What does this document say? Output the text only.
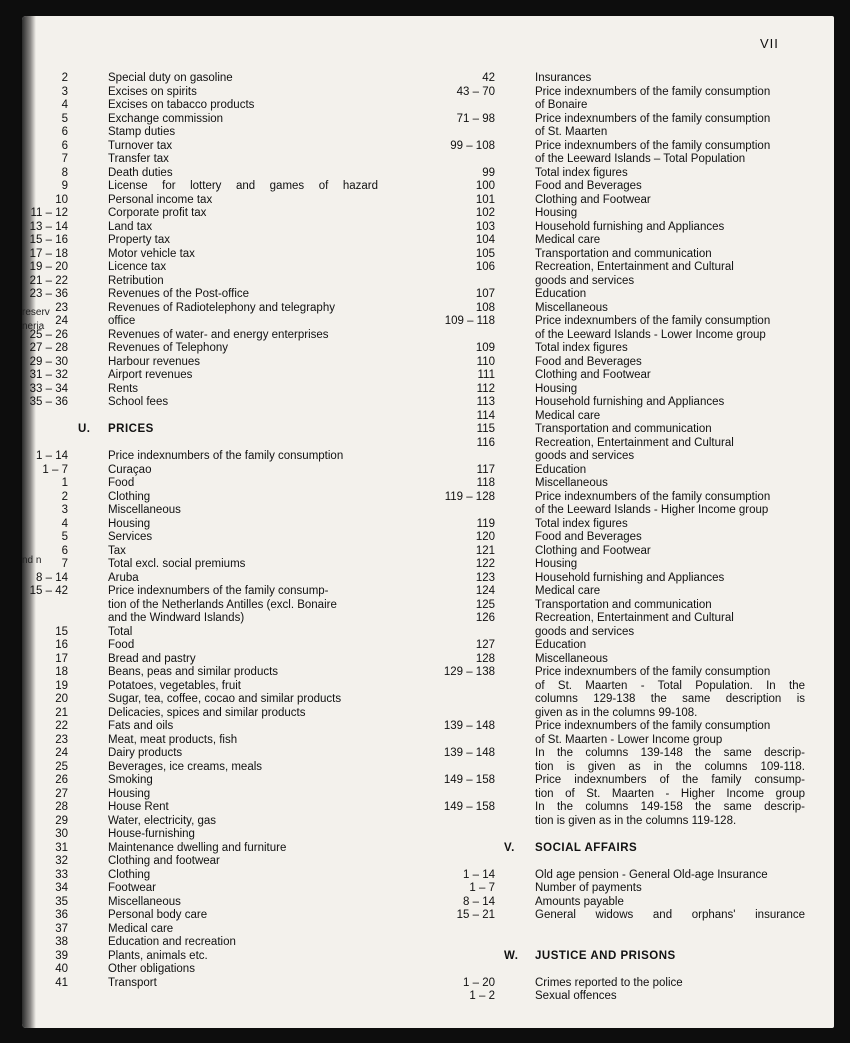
reserv
neria
nd n
VII
2	Special duty on gasoline
3	Excises on spirits
4	Excises on tabacco products
5	Exchange commission
6	Stamp duties
6	Turnover tax
7	Transfer tax
8	Death duties
9	License for lottery and games of hazard
10	Personal income tax
11 – 12	Corporate profit tax
13 – 14	Land tax
15 – 16	Property tax
17 – 18	Motor vehicle tax
19 – 20	Licence tax
21 – 22	Retribution
23 – 36	Revenues of the Post-office
23	Revenues of Radiotelephony and telegraphy
24	office
25 – 26	Revenues of water- and energy enterprises
27 – 28	Revenues of Telephony
29 – 30	Harbour revenues
31 – 32	Airport revenues
33 – 34	Rents
35 – 36	School fees
U. PRICES
1 – 14	Price indexnumbers of the family consumption
1 – 7	Curaçao
1	Food
2	Clothing
3	Miscellaneous
4	Housing
5	Services
6	Tax
7	Total excl. social premiums
8 – 14	Aruba
15 – 42	Price indexnumbers of the family consump-
tion of the Netherlands Antilles (excl. Bonaire
and the Windward Islands)
15	Total
16	Food
17	Bread and pastry
18	Beans, peas and similar products
19	Potatoes, vegetables, fruit
20	Sugar, tea, coffee, cocao and similar products
21	Delicacies, spices and similar products
22	Fats and oils
23	Meat, meat products, fish
24	Dairy products
25	Beverages, ice creams, meals
26	Smoking
27	Housing
28	House Rent
29	Water, electricity, gas
30	House-furnishing
31	Maintenance dwelling and furniture
32	Clothing and footwear
33	Clothing
34	Footwear
35	Miscellaneous
36	Personal body care
37	Medical care
38	Education and recreation
39	Plants, animals etc.
40	Other obligations
41	Transport
42	Insurances
43 – 70	Price indexnumbers of the family consumption
of Bonaire
71 – 98	Price indexnumbers of the family consumption
of St. Maarten
99 – 108	Price indexnumbers of the family consumption
of the Leeward Islands – Total Population
99	Total index figures
100	Food and Beverages
101	Clothing and Footwear
102	Housing
103	Household furnishing and Appliances
104	Medical care
105	Transportation and communication
106	Recreation, Entertainment and Cultural
goods and services
107	Education
108	Miscellaneous
109 – 118	Price indexnumbers of the family consumption
of the Leeward Islands - Lower Income group
109	Total index figures
110	Food and Beverages
111	Clothing and Footwear
112	Housing
113	Household furnishing and Appliances
114	Medical care
115	Transportation and communication
116	Recreation, Entertainment and Cultural
goods and services
117	Education
118	Miscellaneous
119 – 128	Price indexnumbers of the family consumption
of the Leeward Islands - Higher Income group
119	Total index figures
120	Food and Beverages
121	Clothing and Footwear
122	Housing
123	Household furnishing and Appliances
124	Medical care
125	Transportation and communication
126	Recreation, Entertainment and Cultural
goods and services
127	Education
128	Miscellaneous
129 – 138	Price indexnumbers of the family consumption
of St. Maarten - Total Population. In the
columns 129-138 the same description is
given as in the columns 99-108.
139 – 148	Price indexnumbers of the family consumption
of St. Maarten - Lower Income group
139 – 148	In the columns 139-148 the same descrip-
tion is given as in the columns 109-118.
149 – 158	Price indexnumbers of the family consump-
tion of St. Maarten - Higher Income group
149 – 158	In the columns 149-158 the same descrip-
tion is given as in the columns 119-128.
V. SOCIAL AFFAIRS
1 – 14	Old age pension - General Old-age Insurance
1 – 7	Number of payments
8 – 14	Amounts payable
15 – 21	General widows and orphans' insurance
W. JUSTICE AND PRISONS
1 – 20	Crimes reported to the police
1 – 2	Sexual offences
